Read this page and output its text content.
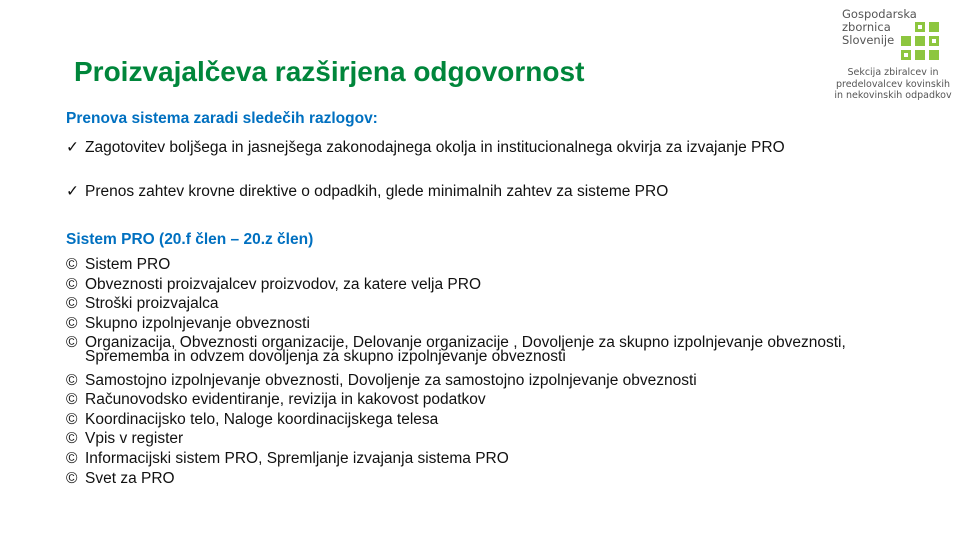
Proizvajalčeva razširjena odgovornost
Gospodarska
zbornica
Slovenije
Sekcija zbiralcev in
predelovalcev kovinskih
in nekovinskih odpadkov
Prenova sistema zaradi sledečih razlogov:
✓ Zagotovitev boljšega in jasnejšega zakonodajnega okolja in institucionalnega okvirja za izvajanje PRO
✓ Prenos zahtev krovne direktive o odpadkih, glede minimalnih zahtev za sisteme PRO
Sistem PRO (20.f člen – 20.z člen)
© Sistem PRO
© Obveznosti proizvajalcev proizvodov, za katere velja PRO
© Stroški proizvajalca
© Skupno izpolnjevanje obveznosti
© Organizacija, Obveznosti organizacije, Delovanje organizacije , Dovoljenje za skupno izpolnjevanje obveznosti, Sprememba in odvzem dovoljenja za skupno izpolnjevanje obveznosti
© Samostojno izpolnjevanje obveznosti, Dovoljenje za samostojno izpolnjevanje obveznosti
© Računovodsko evidentiranje, revizija in kakovost podatkov
© Koordinacijsko telo, Naloge koordinacijskega telesa
© Vpis v register
© Informacijski sistem PRO, Spremljanje izvajanja sistema PRO
© Svet za PRO
